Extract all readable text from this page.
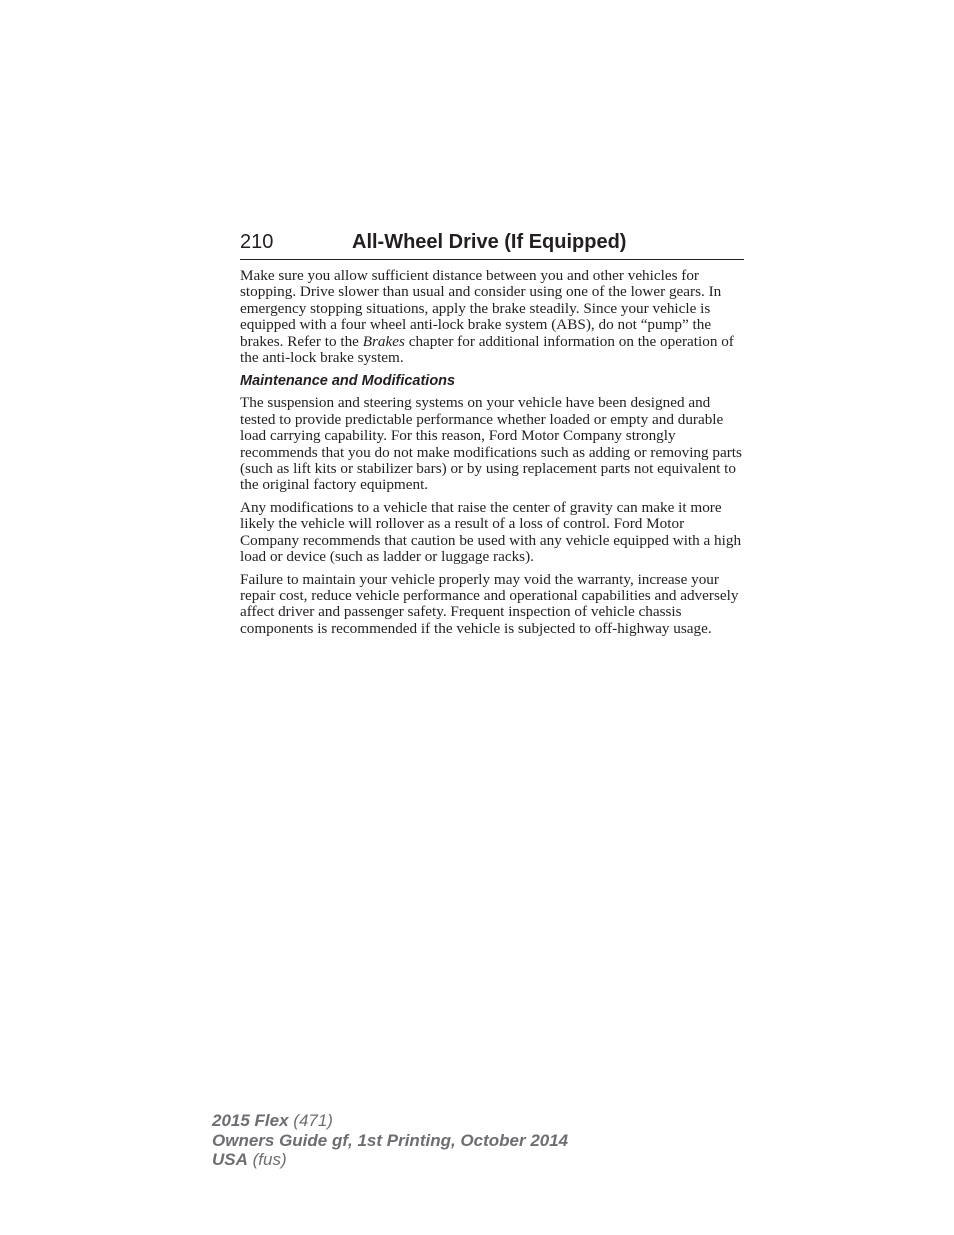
210	All-Wheel Drive (If Equipped)

Make sure you allow sufficient distance between you and other vehicles for stopping. Drive slower than usual and consider using one of the lower gears. In emergency stopping situations, apply the brake steadily. Since your vehicle is equipped with a four wheel anti-lock brake system (ABS), do not “pump” the brakes. Refer to the Brakes chapter for additional information on the operation of the anti-lock brake system.

Maintenance and Modifications

The suspension and steering systems on your vehicle have been designed and tested to provide predictable performance whether loaded or empty and durable load carrying capability. For this reason, Ford Motor Company strongly recommends that you do not make modifications such as adding or removing parts (such as lift kits or stabilizer bars) or by using replacement parts not equivalent to the original factory equipment.

Any modifications to a vehicle that raise the center of gravity can make it more likely the vehicle will rollover as a result of a loss of control. Ford Motor Company recommends that caution be used with any vehicle equipped with a high load or device (such as ladder or luggage racks).

Failure to maintain your vehicle properly may void the warranty, increase your repair cost, reduce vehicle performance and operational capabilities and adversely affect driver and passenger safety. Frequent inspection of vehicle chassis components is recommended if the vehicle is subjected to off-highway usage.

2015 Flex (471)
Owners Guide gf, 1st Printing, October 2014
USA (fus)
